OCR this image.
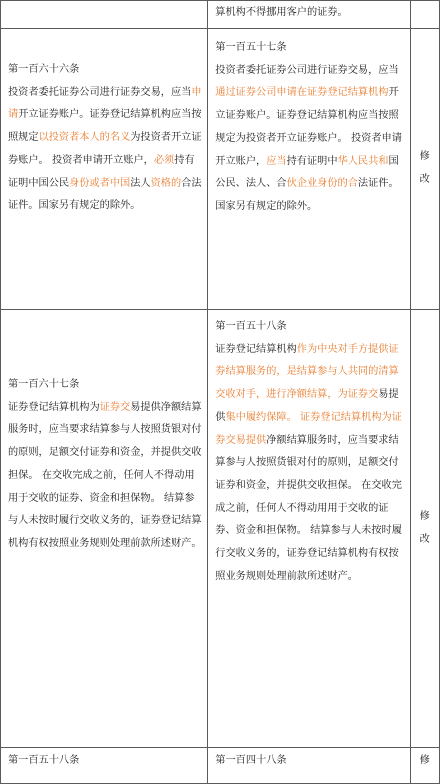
	算机构不得挪用客户的证券。	

第一百六十六条
投资者委托证券公司进行证券交易，应当申请开立证券账户。证券登记结算机构应当按照规定以投资者本人的名义为投资者开立证券账户。 投资者申请开立账户，必须持有证明中国公民身份或者中国法人资格的合法证件。国家另有规定的除外。	第一百五十七条
投资者委托证券公司进行证券交易，应当通过证券公司申请在证券登记结算机构开立证券账户。证券登记结算机构应当按照规定为投资者开立证券账户。 投资者申请开立账户，应当持有证明中华人民共和国公民、法人、合伙企业身份的合法证件。国家另有规定的除外。	修
改

第一百六十七条
证券登记结算机构为证券交易提供净额结算服务时，应当要求结算参与人按照货银对付的原则，足额交付证券和资金，并提供交收担保。 在交收完成之前，任何人不得动用用于交收的证券、资金和担保物。 结算参与人未按时履行交收义务的，证券登记结算机构有权按照业务规则处理前款所述财产。	第一百五十八条
证券登记结算机构作为中央对手方提供证券结算服务的，是结算参与人共同的清算交收对手，进行净额结算，为证券交易提供集中履约保障。 证券登记结算机构为证券交易提供净额结算服务时，应当要求结算参与人按照货银对付的原则，足额交付证券和资金，并提供交收担保。 在交收完成之前，任何人不得动用用于交收的证券、资金和担保物。 结算参与人未按时履行交收义务的，证券登记结算机构有权按照业务规则处理前款所述财产。	修
改

第一百五十八条	第一百四十八条	修
